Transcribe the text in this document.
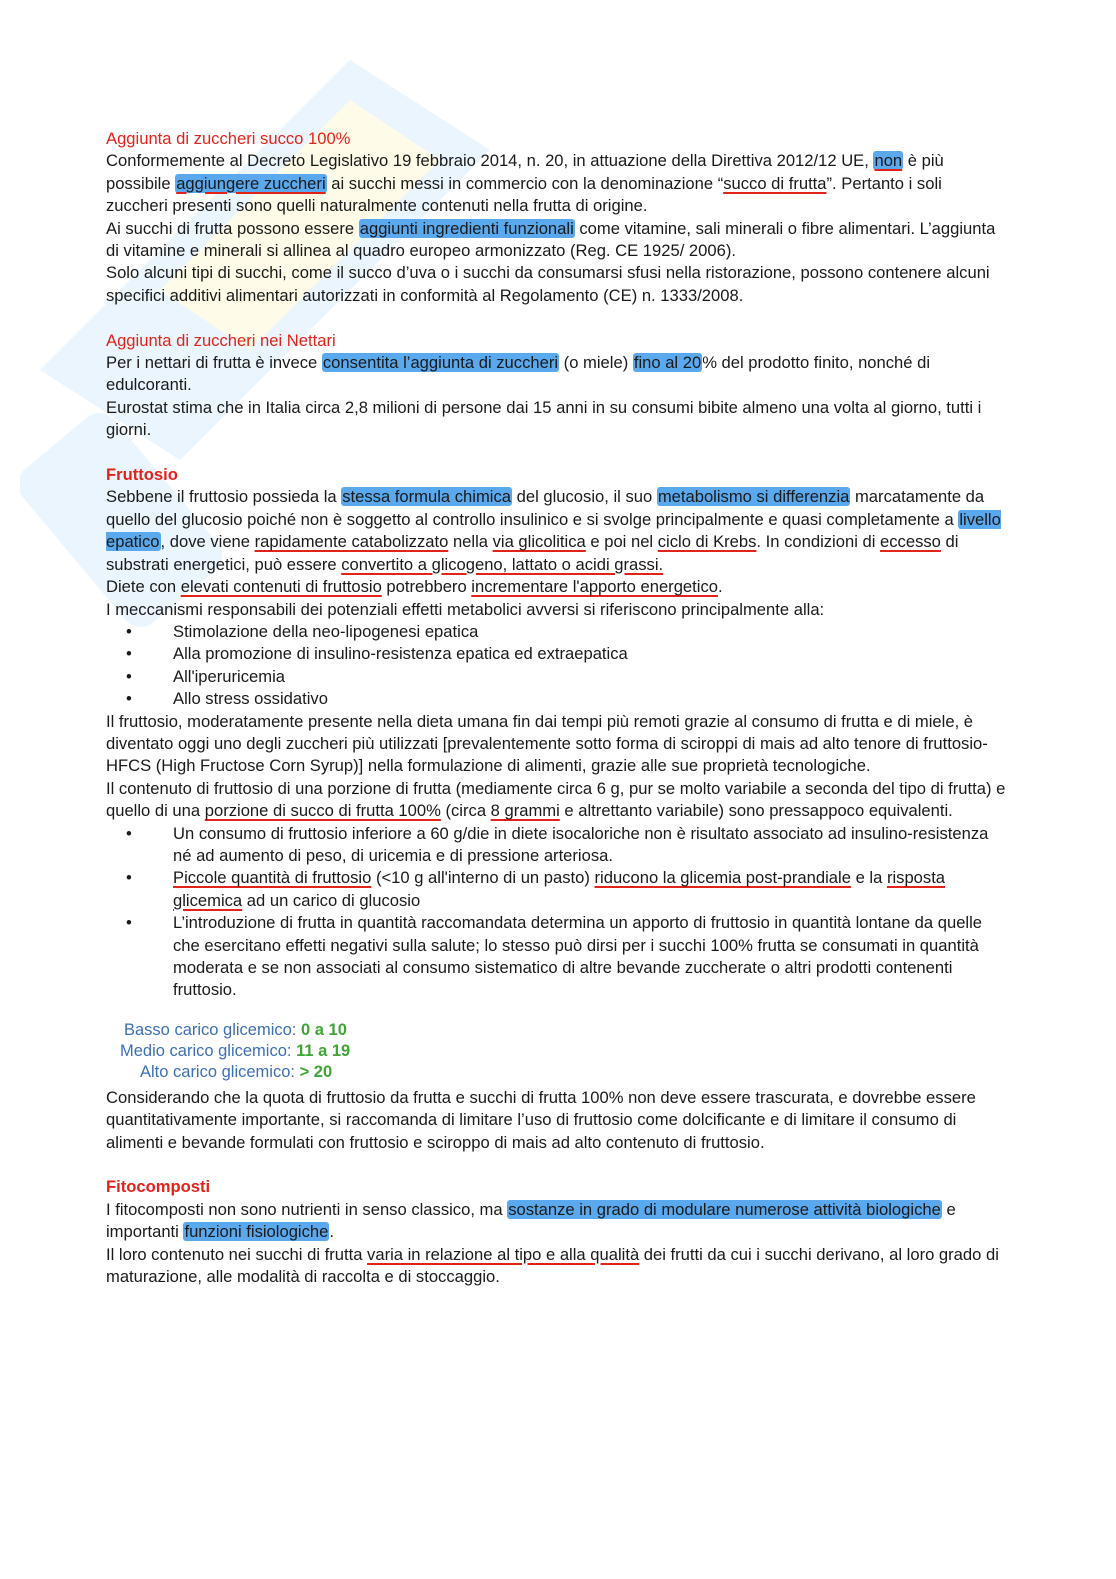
Aggiunta di zuccheri succo 100%

Conformemente al Decreto Legislativo 19 febbraio 2014, n. 20, in attuazione della Direttiva 2012/12 UE, non è più possibile aggiungere zuccheri ai succhi messi in commercio con la denominazione “succo di frutta”. Pertanto i soli zuccheri presenti sono quelli naturalmente contenuti nella frutta di origine.

Ai succhi di frutta possono essere aggiunti ingredienti funzionali come vitamine, sali minerali o fibre alimentari. L’aggiunta di vitamine e minerali si allinea al quadro europeo armonizzato (Reg. CE 1925/ 2006).

Solo alcuni tipi di succhi, come il succo d’uva o i succhi da consumarsi sfusi nella ristorazione, possono contenere alcuni specifici additivi alimentari autorizzati in conformità al Regolamento (CE) n. 1333/2008.

Aggiunta di zuccheri nei Nettari

Per i nettari di frutta è invece consentita l’aggiunta di zuccheri (o miele) fino al 20% del prodotto finito, nonché di edulcoranti.

Eurostat stima che in Italia circa 2,8 milioni di persone dai 15 anni in su consumi bibite almeno una volta al giorno, tutti i giorni.

Fruttosio

Sebbene il fruttosio possieda la stessa formula chimica del glucosio, il suo metabolismo si differenzia marcatamente da quello del glucosio poiché non è soggetto al controllo insulinico e si svolge principalmente e quasi completamente a livello epatico, dove viene rapidamente catabolizzato nella via glicolitica e poi nel ciclo di Krebs. In condizioni di eccesso di substrati energetici, può essere convertito a glicogeno, lattato o acidi grassi.

Diete con elevati contenuti di fruttosio potrebbero incrementare l'apporto energetico.

I meccanismi responsabili dei potenziali effetti metabolici avversi si riferiscono principalmente alla:

• Stimolazione della neo-lipogenesi epatica
• Alla promozione di insulino-resistenza epatica ed extraepatica
• All'iperuricemia
• Allo stress ossidativo

Il fruttosio, moderatamente presente nella dieta umana fin dai tempi più remoti grazie al consumo di frutta e di miele, è diventato oggi uno degli zuccheri più utilizzati [prevalentemente sotto forma di sciroppi di mais ad alto tenore di fruttosio-HFCS (High Fructose Corn Syrup)] nella formulazione di alimenti, grazie alle sue proprietà tecnologiche.

Il contenuto di fruttosio di una porzione di frutta (mediamente circa 6 g, pur se molto variabile a seconda del tipo di frutta) e quello di una porzione di succo di frutta 100% (circa 8 grammi e altrettanto variabile) sono pressappoco equivalenti.

• Un consumo di fruttosio inferiore a 60 g/die in diete isocaloriche non è risultato associato ad insulino-resistenza né ad aumento di peso, di uricemia e di pressione arteriosa.
• Piccole quantità di fruttosio (<10 g all'interno di un pasto) riducono la glicemia post-prandiale e la risposta glicemica ad un carico di glucosio
• L’introduzione di frutta in quantità raccomandata determina un apporto di fruttosio in quantità lontane da quelle che esercitano effetti negativi sulla salute; lo stesso può dirsi per i succhi 100% frutta se consumati in quantità moderata e se non associati al consumo sistematico di altre bevande zuccherate o altri prodotti contenenti fruttosio.
Basso carico glicemico: 0 a 10
Medio carico glicemico: 11 a 19
Alto carico glicemico: > 20

Considerando che la quota di fruttosio da frutta e succhi di frutta 100% non deve essere trascurata, e dovrebbe essere quantitativamente importante, si raccomanda di limitare l’uso di fruttosio come dolcificante e di limitare il consumo di alimenti e bevande formulati con fruttosio e sciroppo di mais ad alto contenuto di fruttosio.

Fitocomposti

I fitocomposti non sono nutrienti in senso classico, ma sostanze in grado di modulare numerose attività biologiche e importanti funzioni fisiologiche.

Il loro contenuto nei succhi di frutta varia in relazione al tipo e alla qualità dei frutti da cui i succhi derivano, al loro grado di maturazione, alle modalità di raccolta e di stoccaggio.
